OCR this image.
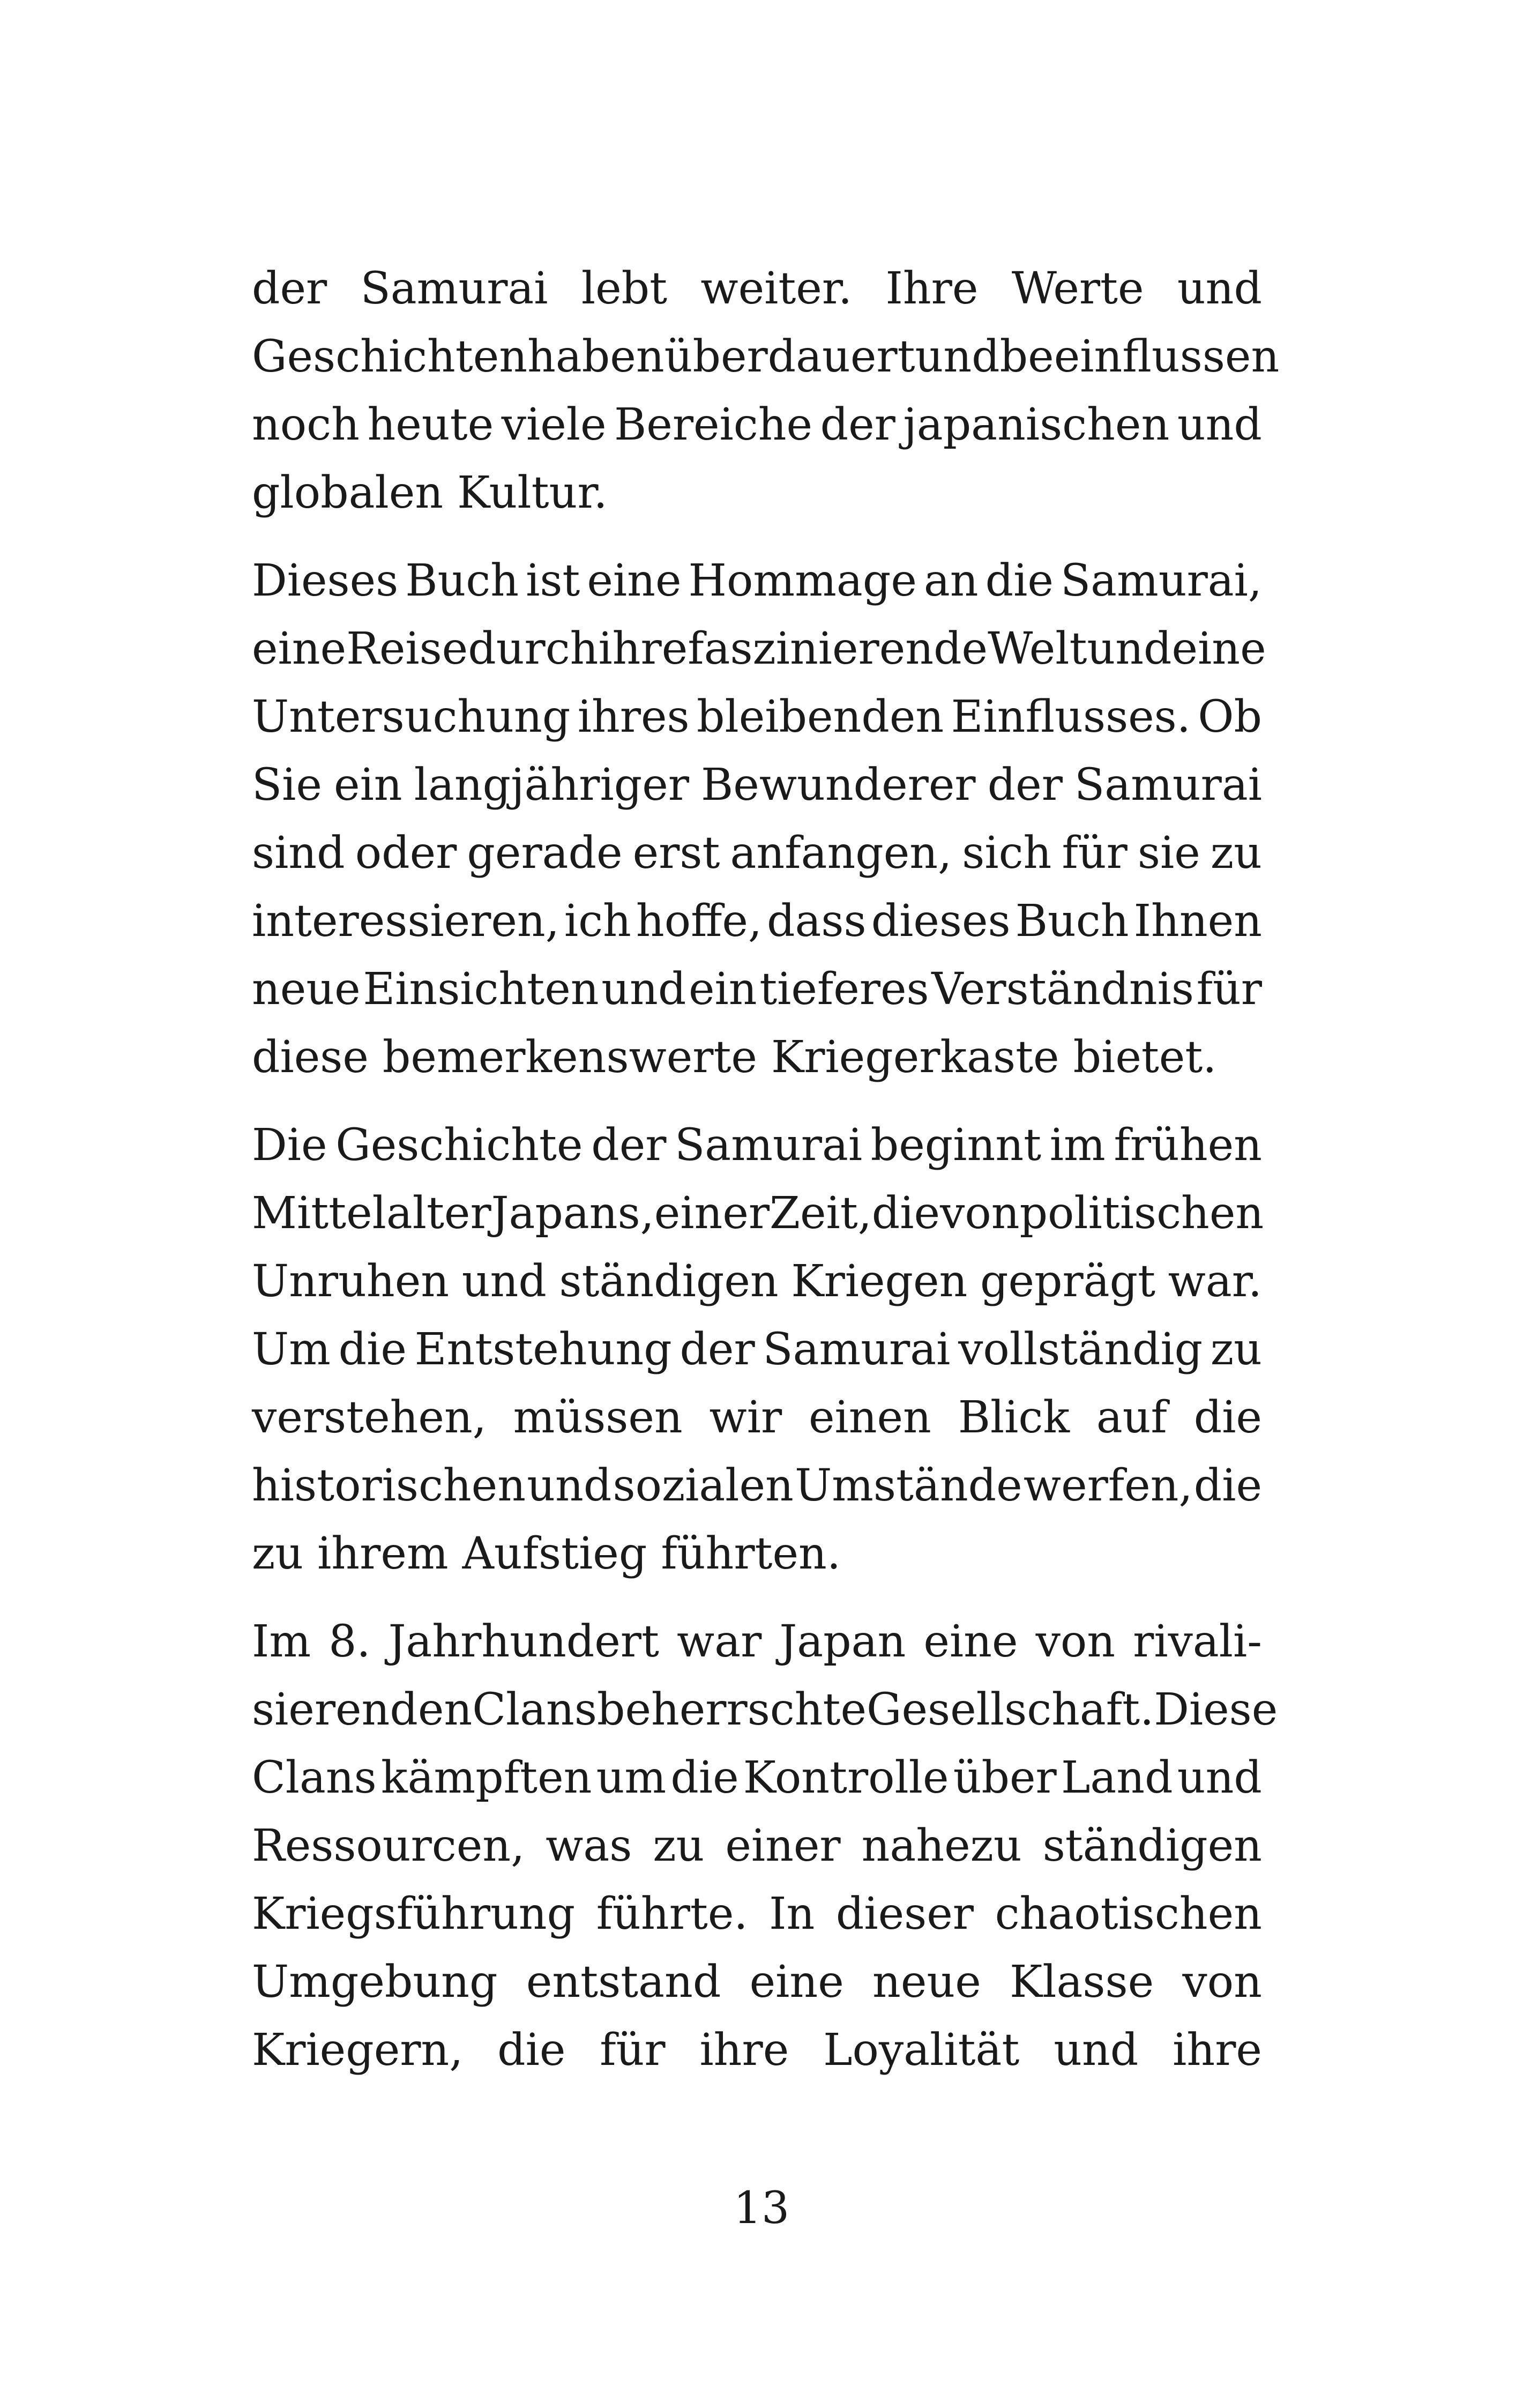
der Samurai lebt weiter. Ihre Werte und
Geschichten haben überdauert und beeinflussen
noch heute viele Bereiche der japanischen und
globalen Kultur.
Dieses Buch ist eine Hommage an die Samurai,
eine Reise durch ihre faszinierende Welt und eine
Untersuchung ihres bleibenden Einflusses. Ob
Sie ein langjähriger Bewunderer der Samurai
sind oder gerade erst anfangen, sich für sie zu
interessieren, ich hoffe, dass dieses Buch Ihnen
neue Einsichten und ein tieferes Verständnis für
diese bemerkenswerte Kriegerkaste bietet.
Die Geschichte der Samurai beginnt im frühen
Mittelalter Japans, einer Zeit, die von politischen
Unruhen und ständigen Kriegen geprägt war.
Um die Entstehung der Samurai vollständig zu
verstehen, müssen wir einen Blick auf die
historischen und sozialen Umstände werfen, die
zu ihrem Aufstieg führten.
Im 8. Jahrhundert war Japan eine von rivali-
sierenden Clans beherrschte Gesellschaft. Diese
Clans kämpften um die Kontrolle über Land und
Ressourcen, was zu einer nahezu ständigen
Kriegsführung führte. In dieser chaotischen
Umgebung entstand eine neue Klasse von
Kriegern, die für ihre Loyalität und ihre
13
